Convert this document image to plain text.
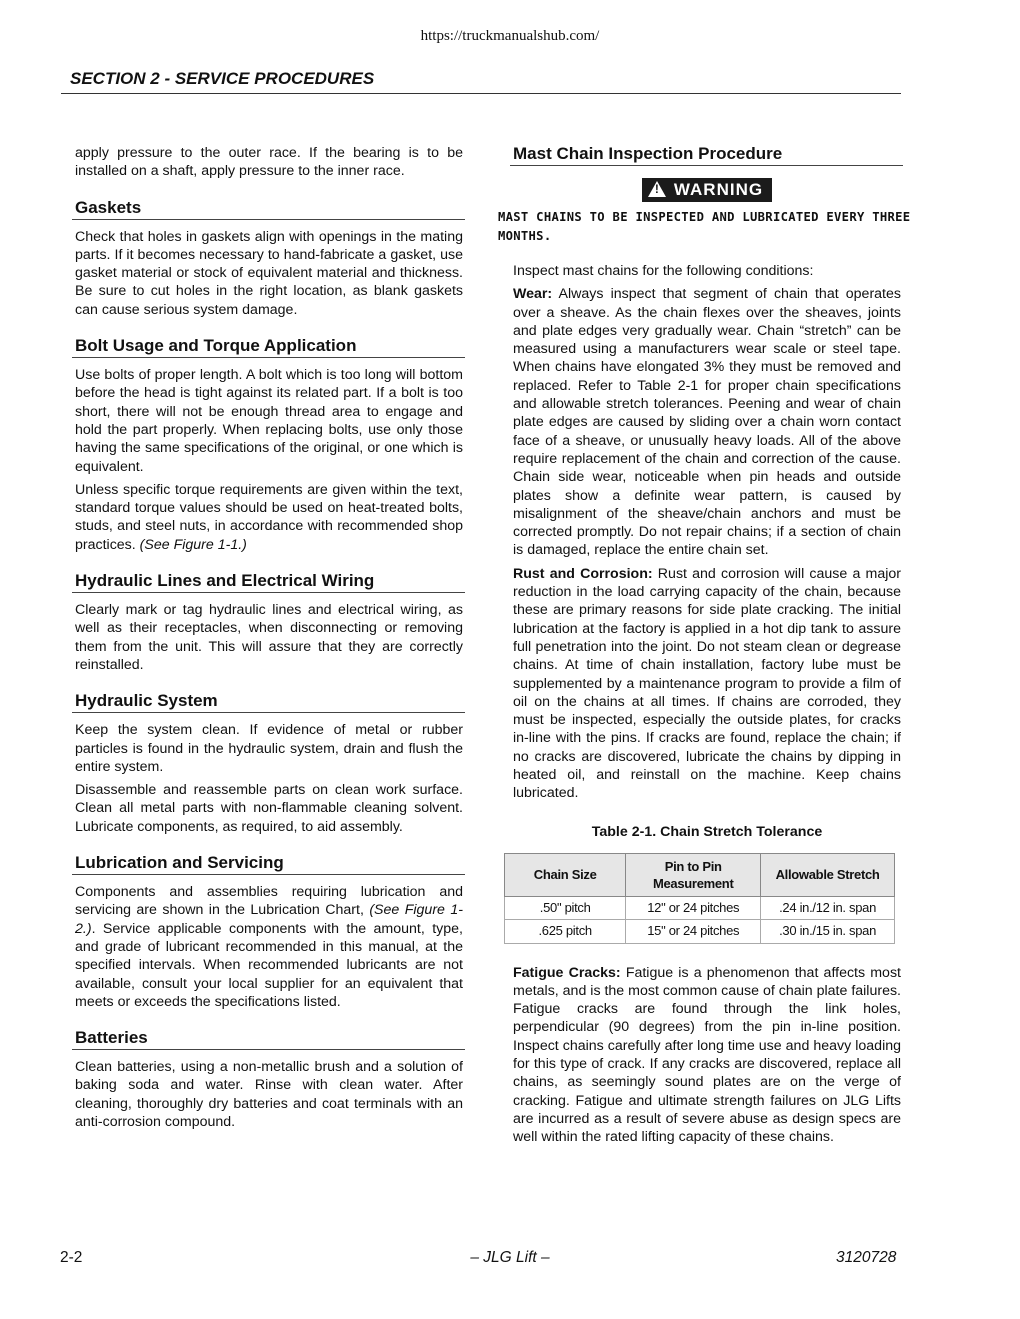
https://truckmanualshub.com/
SECTION 2 - SERVICE PROCEDURES

apply pressure to the outer race. If the bearing is to be installed on a shaft, apply pressure to the inner race.

Gaskets

Check that holes in gaskets align with openings in the mating parts. If it becomes necessary to hand-fabricate a gasket, use gasket material or stock of equivalent material and thickness. Be sure to cut holes in the right location, as blank gaskets can cause serious system damage.

Bolt Usage and Torque Application

Use bolts of proper length. A bolt which is too long will bottom before the head is tight against its related part. If a bolt is too short, there will not be enough thread area to engage and hold the part properly. When replacing bolts, use only those having the same specifications of the original, or one which is equivalent.

Unless specific torque requirements are given within the text, standard torque values should be used on heat-treated bolts, studs, and steel nuts, in accordance with recommended shop practices. (See Figure 1-1.)

Hydraulic Lines and Electrical Wiring

Clearly mark or tag hydraulic lines and electrical wiring, as well as their receptacles, when disconnecting or removing them from the unit. This will assure that they are correctly reinstalled.

Hydraulic System

Keep the system clean. If evidence of metal or rubber particles is found in the hydraulic system, drain and flush the entire system.

Disassemble and reassemble parts on clean work surface. Clean all metal parts with non-flammable cleaning solvent. Lubricate components, as required, to aid assembly.

Lubrication and Servicing

Components and assemblies requiring lubrication and servicing are shown in the Lubrication Chart, (See Figure 1-2.). Service applicable components with the amount, type, and grade of lubricant recommended in this manual, at the specified intervals. When recommended lubricants are not available, consult your local supplier for an equivalent that meets or exceeds the specifications listed.

Batteries

Clean batteries, using a non-metallic brush and a solution of baking soda and water. Rinse with clean water. After cleaning, thoroughly dry batteries and coat terminals with an anti-corrosion compound.

Mast Chain Inspection Procedure
! WARNING
MAST CHAINS TO BE INSPECTED AND LUBRICATED EVERY THREE MONTHS.

Inspect mast chains for the following conditions:

Wear: Always inspect that segment of chain that operates over a sheave. As the chain flexes over the sheaves, joints and plate edges very gradually wear. Chain “stretch” can be measured using a manufacturers wear scale or steel tape. When chains have elongated 3% they must be removed and replaced. Refer to Table 2-1 for proper chain specifications and allowable stretch tolerances. Peening and wear of chain plate edges are caused by sliding over a chain worn contact face of a sheave, or unusually heavy loads. All of the above require replacement of the chain and correction of the cause. Chain side wear, noticeable when pin heads and outside plates show a definite wear pattern, is caused by misalignment of the sheave/chain anchors and must be corrected promptly. Do not repair chains; if a section of chain is damaged, replace the entire chain set.

Rust and Corrosion: Rust and corrosion will cause a major reduction in the load carrying capacity of the chain, because these are primary reasons for side plate cracking. The initial lubrication at the factory is applied in a hot dip tank to assure full penetration into the joint. Do not steam clean or degrease chains. At time of chain installation, factory lube must be supplemented by a maintenance program to provide a film of oil on the chains at all times. If chains are corroded, they must be inspected, especially the outside plates, for cracks in-line with the pins. If cracks are found, replace the chain; if no cracks are discovered, lubricate the chains by dipping in heated oil, and reinstall on the machine. Keep chains lubricated.

Table 2-1. Chain Stretch Tolerance
Chain Size	Pin to Pin Measurement	Allowable Stretch
.50" pitch	12" or 24 pitches	.24 in./12 in. span
.625 pitch	15" or 24 pitches	.30 in./15 in. span

Fatigue Cracks: Fatigue is a phenomenon that affects most metals, and is the most common cause of chain plate failures. Fatigue cracks are found through the link holes, perpendicular (90 degrees) from the pin in-line position. Inspect chains carefully after long time use and heavy loading for this type of crack. If any cracks are discovered, replace all chains, as seemingly sound plates are on the verge of cracking. Fatigue and ultimate strength failures on JLG Lifts are incurred as a result of severe abuse as design specs are well within the rated lifting capacity of these chains.

2-2	– JLG Lift –	3120728
